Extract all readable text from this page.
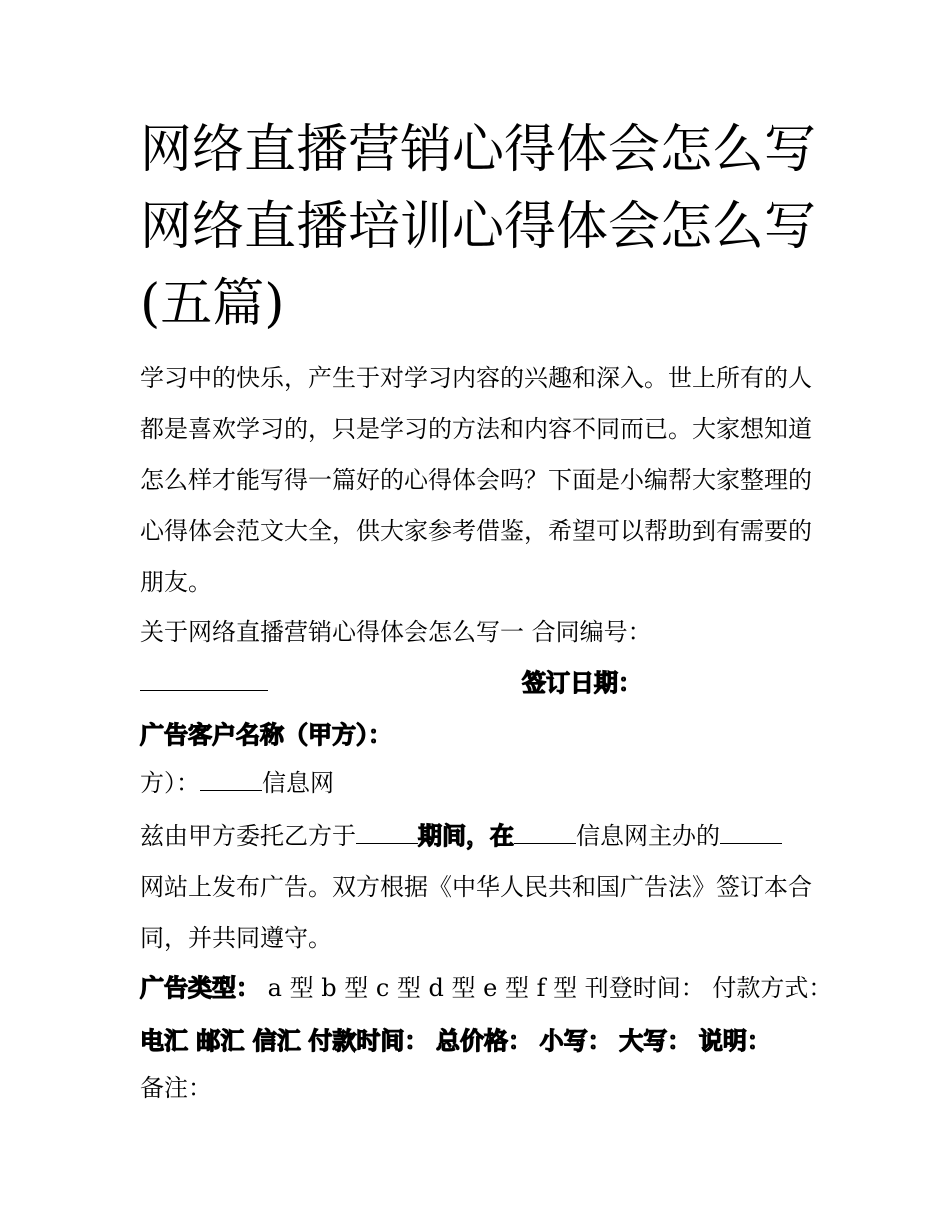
网络直播营销心得体会怎么写
网络直播培训心得体会怎么写
(五篇)

学习中的快乐，产生于对学习内容的兴趣和深入。世上所有的人都是喜欢学习的，只是学习的方法和内容不同而已。大家想知道怎么样才能写得一篇好的心得体会吗？下面是小编帮大家整理的心得体会范文大全，供大家参考借鉴，希望可以帮助到有需要的朋友。

关于网络直播营销心得体会怎么写一 合同编号：
签订日期：
广告客户名称（甲方）：
方）：	信息网
兹由甲方委托乙方于	期间，在	信息网主办的

网站上发布广告。双方根据《中华人民共和国广告法》签订本合同，并共同遵守。

广告类型： a 型 b 型 c 型 d 型 e 型 f 型 刊登时间： 付款方式：
电汇 邮汇 信汇 付款时间： 总价格： 小写： 大写： 说明：
备注：
